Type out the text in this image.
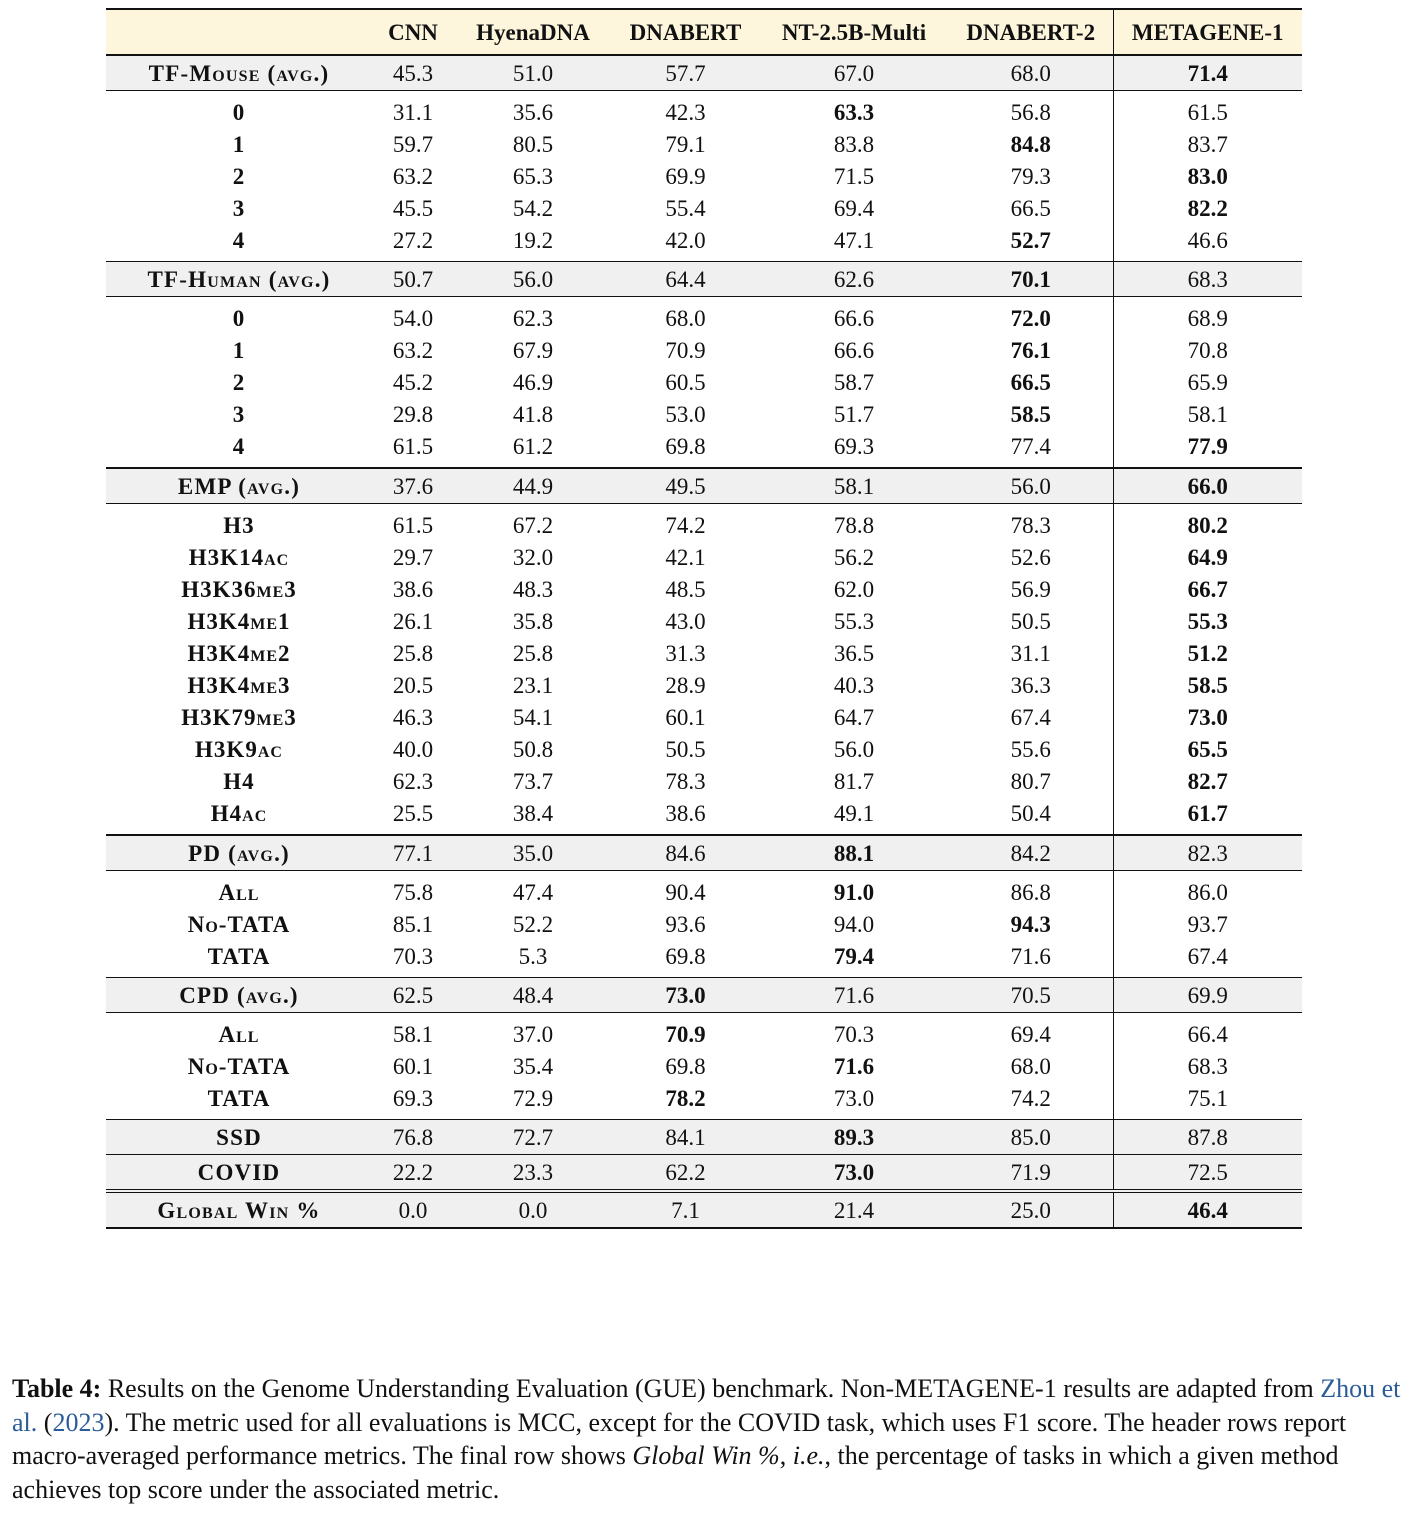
	CNN	HyenaDNA	DNABERT	NT-2.5B-Multi	DNABERT-2	METAGENE-1
TF-Mouse (avg.)	45.3	51.0	57.7	67.0	68.0	71.4

0	31.1	35.6	42.3	63.3	56.8	61.5
1	59.7	80.5	79.1	83.8	84.8	83.7
2	63.2	65.3	69.9	71.5	79.3	83.0
3	45.5	54.2	55.4	69.4	66.5	82.2
4	27.2	19.2	42.0	47.1	52.7	46.6

TF-Human (avg.)	50.7	56.0	64.4	62.6	70.1	68.3

0	54.0	62.3	68.0	66.6	72.0	68.9
1	63.2	67.9	70.9	66.6	76.1	70.8
2	45.2	46.9	60.5	58.7	66.5	65.9
3	29.8	41.8	53.0	51.7	58.5	58.1
4	61.5	61.2	69.8	69.3	77.4	77.9

EMP (avg.)	37.6	44.9	49.5	58.1	56.0	66.0

H3	61.5	67.2	74.2	78.8	78.3	80.2
H3K14ac	29.7	32.0	42.1	56.2	52.6	64.9
H3K36me3	38.6	48.3	48.5	62.0	56.9	66.7
H3K4me1	26.1	35.8	43.0	55.3	50.5	55.3
H3K4me2	25.8	25.8	31.3	36.5	31.1	51.2
H3K4me3	20.5	23.1	28.9	40.3	36.3	58.5
H3K79me3	46.3	54.1	60.1	64.7	67.4	73.0
H3K9ac	40.0	50.8	50.5	56.0	55.6	65.5
H4	62.3	73.7	78.3	81.7	80.7	82.7
H4ac	25.5	38.4	38.6	49.1	50.4	61.7

PD (avg.)	77.1	35.0	84.6	88.1	84.2	82.3

All	75.8	47.4	90.4	91.0	86.8	86.0
No-TATA	85.1	52.2	93.6	94.0	94.3	93.7
TATA	70.3	5.3	69.8	79.4	71.6	67.4

CPD (avg.)	62.5	48.4	73.0	71.6	70.5	69.9

All	58.1	37.0	70.9	70.3	69.4	66.4
No-TATA	60.1	35.4	69.8	71.6	68.0	68.3
TATA	69.3	72.9	78.2	73.0	74.2	75.1

SSD	76.8	72.7	84.1	89.3	85.0	87.8
COVID	22.2	23.3	62.2	73.0	71.9	72.5
Global Win %	0.0	0.0	7.1	21.4	25.0	46.4
Table 4: Results on the Genome Understanding Evaluation (GUE) benchmark. Non-METAGENE-1 results are adapted from Zhou et al. (2023). The metric used for all evaluations is MCC, except for the COVID task, which uses F1 score. The header rows report macro-averaged performance metrics. The final row shows Global Win %, i.e., the percentage of tasks in which a given method achieves top score under the associated metric.
